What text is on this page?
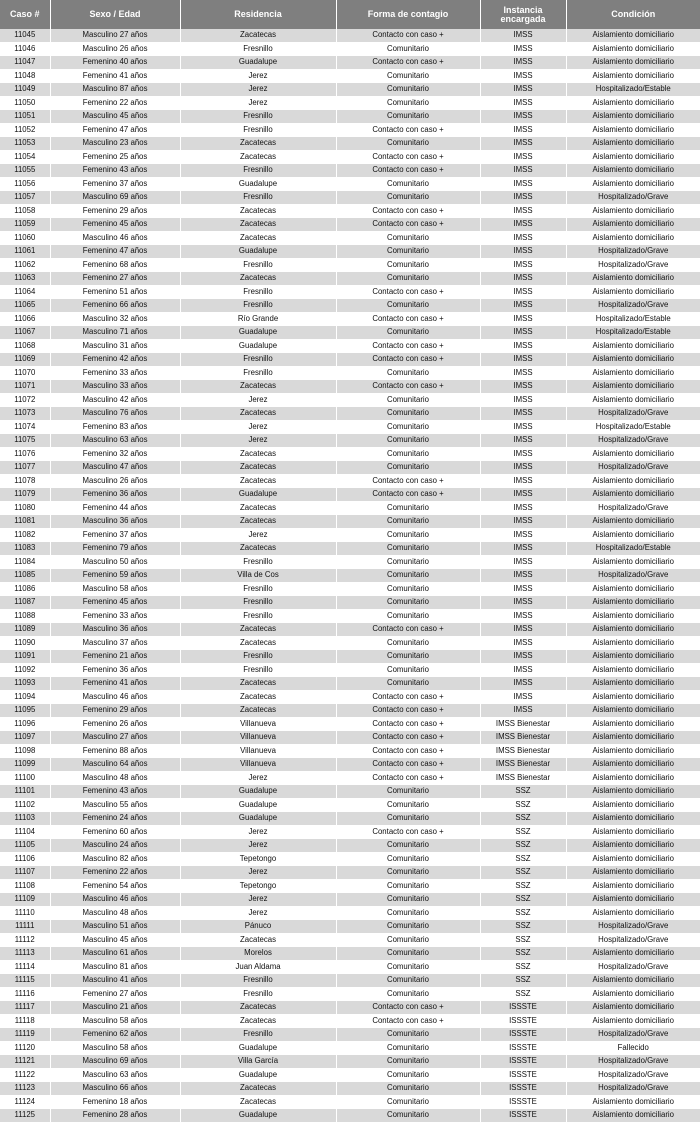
Caso #	Sexo / Edad	Residencia	Forma de contagio	Instancia encargada	Condición
11045	Masculino 27 años	Zacatecas	Contacto con caso +	IMSS	Aislamiento domiciliario
11046	Masculino 26 años	Fresnillo	Comunitario	IMSS	Aislamiento domiciliario
11047	Femenino 40 años	Guadalupe	Contacto con caso +	IMSS	Aislamiento domiciliario
11048	Femenino 41 años	Jerez	Comunitario	IMSS	Aislamiento domiciliario
11049	Masculino 87 años	Jerez	Comunitario	IMSS	Hospitalizado/Estable
11050	Femenino 22 años	Jerez	Comunitario	IMSS	Aislamiento domiciliario
11051	Masculino 45 años	Fresnillo	Comunitario	IMSS	Aislamiento domiciliario
11052	Femenino 47 años	Fresnillo	Contacto con caso +	IMSS	Aislamiento domiciliario
11053	Masculino 23 años	Zacatecas	Comunitario	IMSS	Aislamiento domiciliario
11054	Femenino 25 años	Zacatecas	Contacto con caso +	IMSS	Aislamiento domiciliario
11055	Femenino 43 años	Fresnillo	Contacto con caso +	IMSS	Aislamiento domiciliario
11056	Femenino 37 años	Guadalupe	Comunitario	IMSS	Aislamiento domiciliario
11057	Masculino 69 años	Fresnillo	Comunitario	IMSS	Hospitalizado/Grave
11058	Femenino 29 años	Zacatecas	Contacto con caso +	IMSS	Aislamiento domiciliario
11059	Femenino 45 años	Zacatecas	Contacto con caso +	IMSS	Aislamiento domiciliario
11060	Masculino 46 años	Zacatecas	Comunitario	IMSS	Aislamiento domiciliario
11061	Femenino 47 años	Guadalupe	Comunitario	IMSS	Hospitalizado/Grave
11062	Femenino 68 años	Fresnillo	Comunitario	IMSS	Hospitalizado/Grave
11063	Femenino 27 años	Zacatecas	Comunitario	IMSS	Aislamiento domiciliario
11064	Femenino 51 años	Fresnillo	Contacto con caso +	IMSS	Aislamiento domiciliario
11065	Femenino 66 años	Fresnillo	Comunitario	IMSS	Hospitalizado/Grave
11066	Masculino 32 años	Río Grande	Contacto con caso +	IMSS	Hospitalizado/Estable
11067	Masculino 71 años	Guadalupe	Comunitario	IMSS	Hospitalizado/Estable
11068	Masculino 31 años	Guadalupe	Contacto con caso +	IMSS	Aislamiento domiciliario
11069	Femenino 42 años	Fresnillo	Contacto con caso +	IMSS	Aislamiento domiciliario
11070	Femenino 33 años	Fresnillo	Comunitario	IMSS	Aislamiento domiciliario
11071	Masculino 33 años	Zacatecas	Contacto con caso +	IMSS	Aislamiento domiciliario
11072	Masculino 42 años	Jerez	Comunitario	IMSS	Aislamiento domiciliario
11073	Masculino 76 años	Zacatecas	Comunitario	IMSS	Hospitalizado/Grave
11074	Femenino 83 años	Jerez	Comunitario	IMSS	Hospitalizado/Estable
11075	Masculino 63 años	Jerez	Comunitario	IMSS	Hospitalizado/Grave
11076	Femenino 32 años	Zacatecas	Comunitario	IMSS	Aislamiento domiciliario
11077	Masculino 47 años	Zacatecas	Comunitario	IMSS	Hospitalizado/Grave
11078	Masculino 26 años	Zacatecas	Contacto con caso +	IMSS	Aislamiento domiciliario
11079	Femenino 36 años	Guadalupe	Contacto con caso +	IMSS	Aislamiento domiciliario
11080	Femenino 44 años	Zacatecas	Comunitario	IMSS	Hospitalizado/Grave
11081	Masculino 36 años	Zacatecas	Comunitario	IMSS	Aislamiento domiciliario
11082	Femenino 37 años	Jerez	Comunitario	IMSS	Aislamiento domiciliario
11083	Femenino 79 años	Zacatecas	Comunitario	IMSS	Hospitalizado/Estable
11084	Masculino 50 años	Fresnillo	Comunitario	IMSS	Aislamiento domiciliario
11085	Femenino 59 años	Villa de Cos	Comunitario	IMSS	Hospitalizado/Grave
11086	Masculino 58 años	Fresnillo	Comunitario	IMSS	Aislamiento domiciliario
11087	Femenino 45 años	Fresnillo	Comunitario	IMSS	Aislamiento domiciliario
11088	Femenino 33 años	Fresnillo	Comunitario	IMSS	Aislamiento domiciliario
11089	Masculino 36 años	Zacatecas	Contacto con caso +	IMSS	Aislamiento domiciliario
11090	Masculino 37 años	Zacatecas	Comunitario	IMSS	Aislamiento domiciliario
11091	Femenino 21 años	Fresnillo	Comunitario	IMSS	Aislamiento domiciliario
11092	Femenino 36 años	Fresnillo	Comunitario	IMSS	Aislamiento domiciliario
11093	Femenino 41 años	Zacatecas	Comunitario	IMSS	Aislamiento domiciliario
11094	Masculino 46 años	Zacatecas	Contacto con caso +	IMSS	Aislamiento domiciliario
11095	Femenino 29 años	Zacatecas	Contacto con caso +	IMSS	Aislamiento domiciliario
11096	Femenino 26 años	Villanueva	Contacto con caso +	IMSS Bienestar	Aislamiento domiciliario
11097	Masculino 27 años	Villanueva	Contacto con caso +	IMSS Bienestar	Aislamiento domiciliario
11098	Femenino 88 años	Villanueva	Contacto con caso +	IMSS Bienestar	Aislamiento domiciliario
11099	Masculino 64 años	Villanueva	Contacto con caso +	IMSS Bienestar	Aislamiento domiciliario
11100	Masculino 48 años	Jerez	Contacto con caso +	IMSS Bienestar	Aislamiento domiciliario
11101	Femenino 43 años	Guadalupe	Comunitario	SSZ	Aislamiento domiciliario
11102	Masculino 55 años	Guadalupe	Comunitario	SSZ	Aislamiento domiciliario
11103	Femenino 24 años	Guadalupe	Comunitario	SSZ	Aislamiento domiciliario
11104	Femenino 60 años	Jerez	Contacto con caso +	SSZ	Aislamiento domiciliario
11105	Masculino 24 años	Jerez	Comunitario	SSZ	Aislamiento domiciliario
11106	Masculino 82 años	Tepetongo	Comunitario	SSZ	Aislamiento domiciliario
11107	Femenino 22 años	Jerez	Comunitario	SSZ	Aislamiento domiciliario
11108	Femenino 54 años	Tepetongo	Comunitario	SSZ	Aislamiento domiciliario
11109	Masculino 46 años	Jerez	Comunitario	SSZ	Aislamiento domiciliario
11110	Masculino 48 años	Jerez	Comunitario	SSZ	Aislamiento domiciliario
11111	Masculino 51 años	Pánuco	Comunitario	SSZ	Hospitalizado/Grave
11112	Masculino 45 años	Zacatecas	Comunitario	SSZ	Hospitalizado/Grave
11113	Masculino 61 años	Morelos	Comunitario	SSZ	Aislamiento domiciliario
11114	Masculino 81 años	Juan Aldama	Comunitario	SSZ	Hospitalizado/Grave
11115	Masculino 41 años	Fresnillo	Comunitario	SSZ	Aislamiento domiciliario
11116	Femenino 27 años	Fresnillo	Comunitario	SSZ	Aislamiento domiciliario
11117	Masculino 21 años	Zacatecas	Contacto con caso +	ISSSTE	Aislamiento domiciliario
11118	Masculino 58 años	Zacatecas	Contacto con caso +	ISSSTE	Aislamiento domiciliario
11119	Femenino 62 años	Fresnillo	Comunitario	ISSSTE	Hospitalizado/Grave
11120	Masculino 58 años	Guadalupe	Comunitario	ISSSTE	Fallecido
11121	Masculino 69 años	Villa García	Comunitario	ISSSTE	Hospitalizado/Grave
11122	Masculino 63 años	Guadalupe	Comunitario	ISSSTE	Hospitalizado/Grave
11123	Masculino 66 años	Zacatecas	Comunitario	ISSSTE	Hospitalizado/Grave
11124	Femenino 18 años	Zacatecas	Comunitario	ISSSTE	Aislamiento domiciliario
11125	Femenino 28 años	Guadalupe	Comunitario	ISSSTE	Aislamiento domiciliario
